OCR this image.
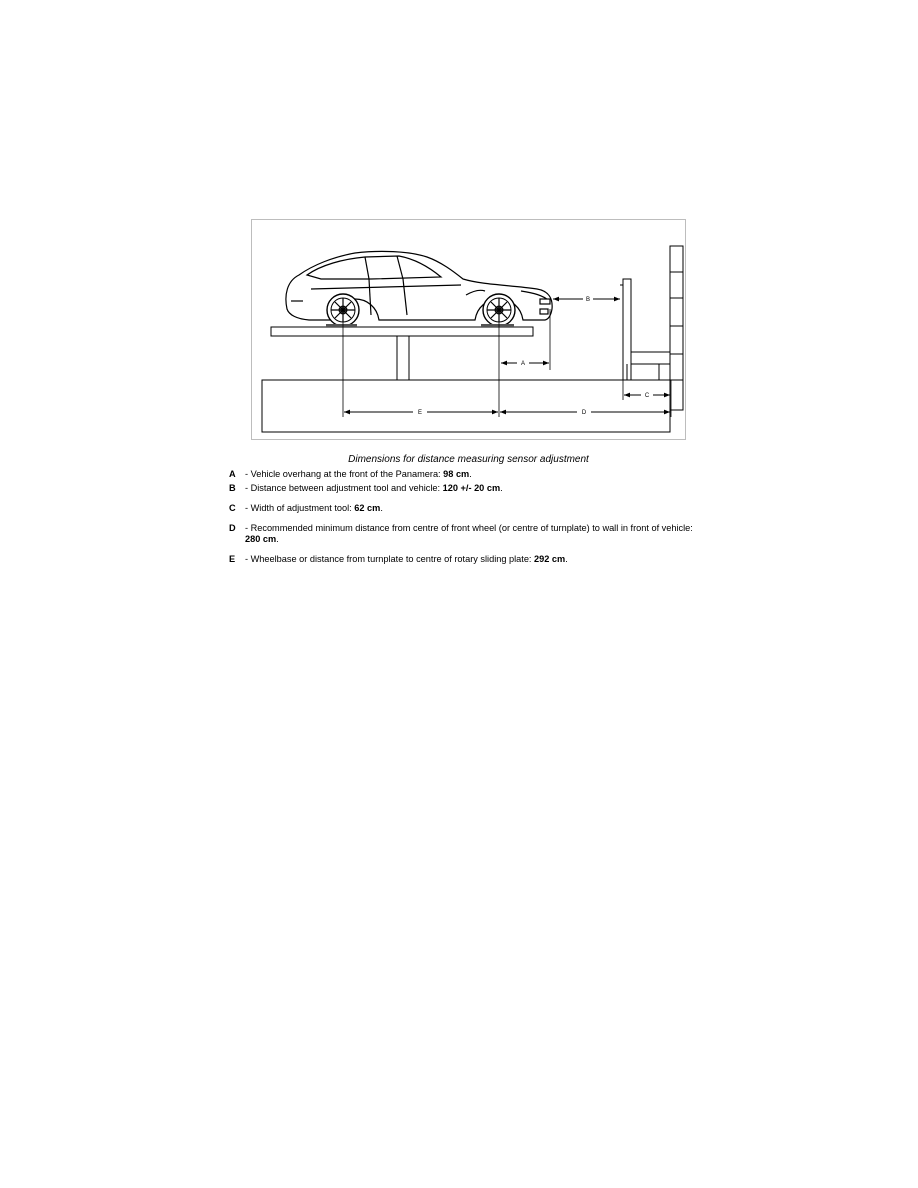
B
A
C
E	D
Dimensions for distance measuring sensor adjustment
A	- Vehicle overhang at the front of the Panamera: 98 cm.
B	- Distance between adjustment tool and vehicle: 120 +/- 20 cm.
C	- Width of adjustment tool: 62 cm.
D	- Recommended minimum distance from centre of front wheel (or centre of turnplate) to wall in front of vehicle: 280 cm.
E	- Wheelbase or distance from turnplate to centre of rotary sliding plate: 292 cm.
